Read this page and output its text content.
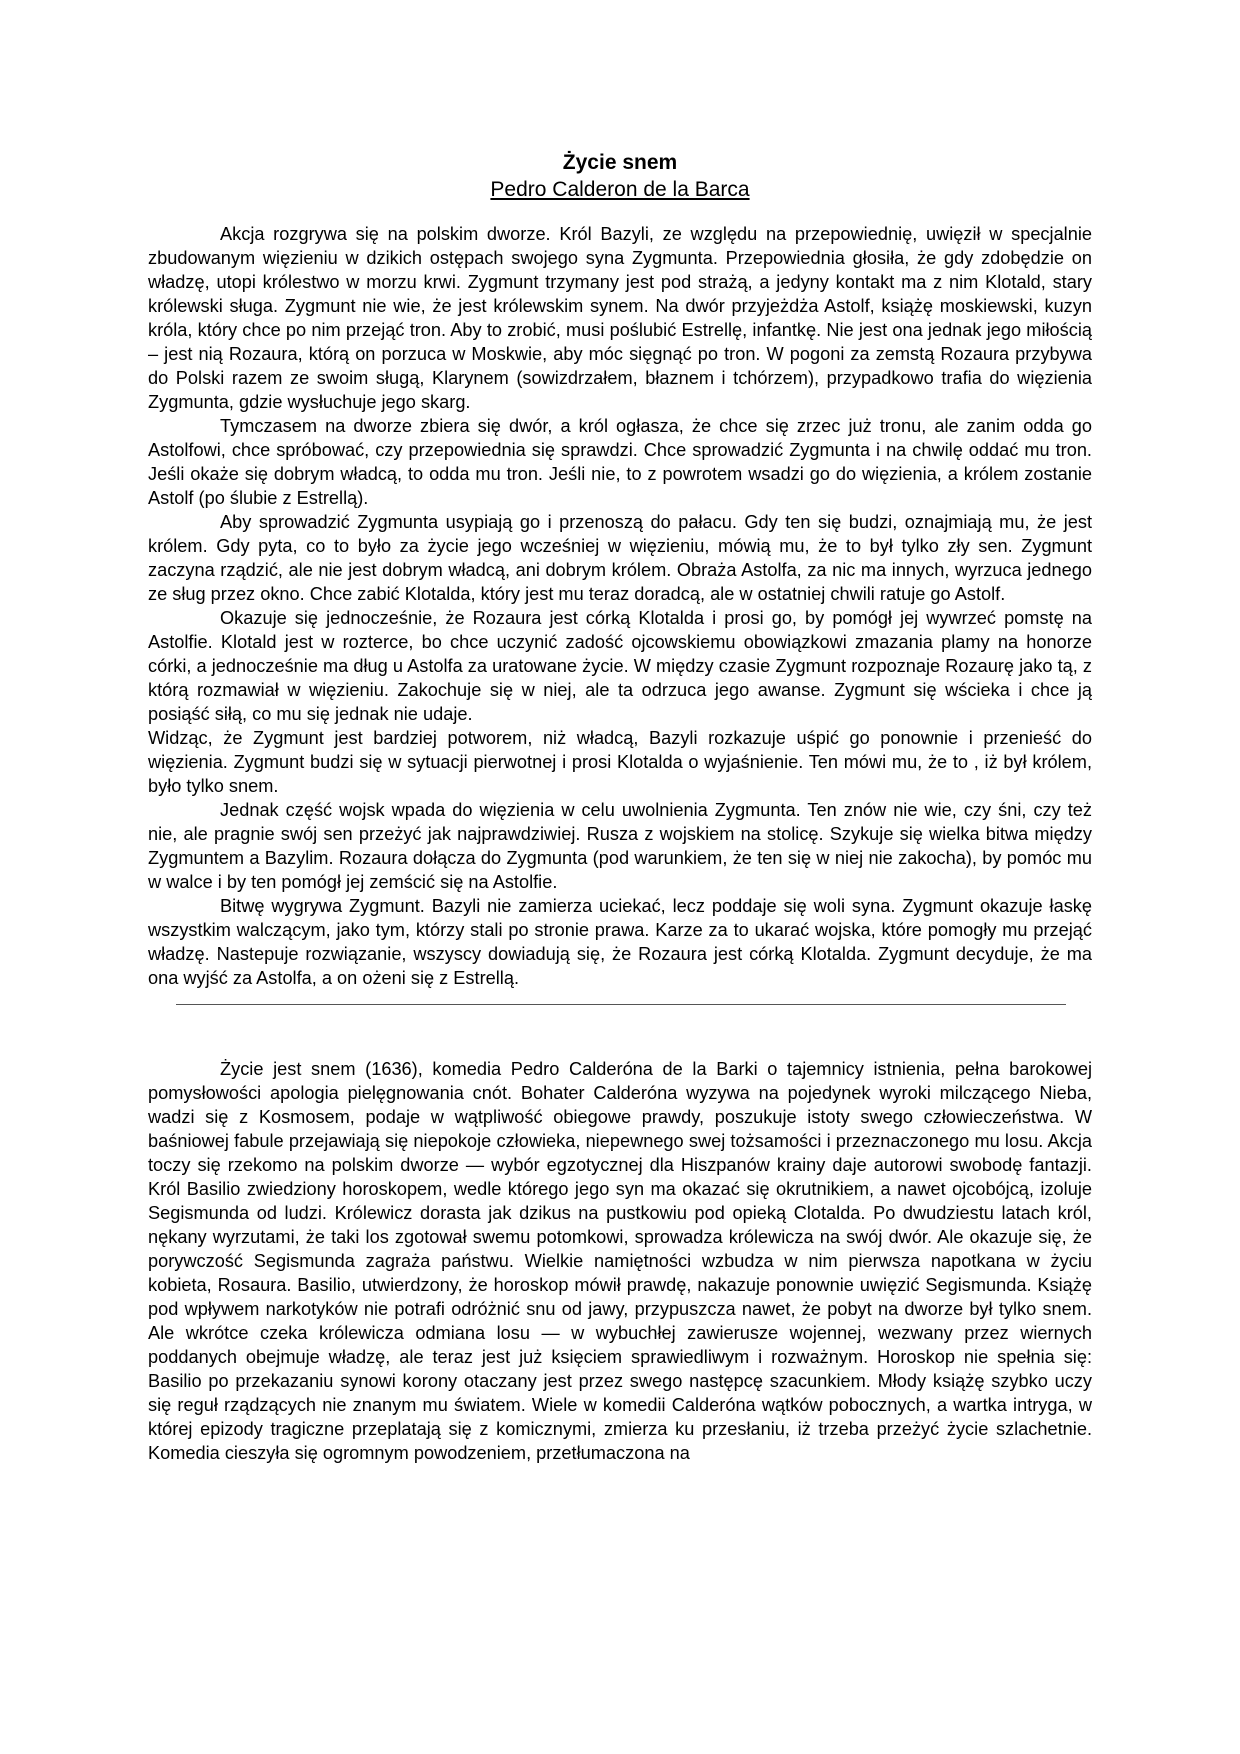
Życie snem

Pedro Calderon de la Barca

Akcja rozgrywa się na polskim dworze. Król Bazyli, ze względu na przepowiednię, uwięził w specjalnie zbudowanym więzieniu w dzikich ostępach swojego syna Zygmunta. Przepowiednia głosiła, że gdy zdobędzie on władzę, utopi królestwo w morzu krwi. Zygmunt trzymany jest pod strażą, a jedyny kontakt ma z nim Klotald, stary królewski sługa. Zygmunt nie wie, że jest królewskim synem. Na dwór przyjeżdża Astolf, książę moskiewski, kuzyn króla, który chce po nim przejąć tron. Aby to zrobić, musi poślubić Estrellę, infantkę. Nie jest ona jednak jego miłością – jest nią Rozaura, którą on porzuca w Moskwie, aby móc sięgnąć po tron. W pogoni za zemstą Rozaura przybywa do Polski razem ze swoim sługą, Klarynem (sowizdrzałem, błaznem i tchórzem), przypadkowo trafia do więzienia Zygmunta, gdzie wysłuchuje jego skarg.

Tymczasem na dworze zbiera się dwór, a król ogłasza, że chce się zrzec już tronu, ale zanim odda go Astolfowi, chce spróbować, czy przepowiednia się sprawdzi. Chce sprowadzić Zygmunta i na chwilę oddać mu tron. Jeśli okaże się dobrym władcą, to odda mu tron. Jeśli nie, to z powrotem wsadzi go do więzienia, a królem zostanie Astolf (po ślubie z Estrellą).

Aby sprowadzić Zygmunta usypiają go i przenoszą do pałacu. Gdy ten się budzi, oznajmiają mu, że jest królem. Gdy pyta, co to było za życie jego wcześniej w więzieniu, mówią mu, że to był tylko zły sen. Zygmunt zaczyna rządzić, ale nie jest dobrym władcą, ani dobrym królem. Obraża Astolfa, za nic ma innych, wyrzuca jednego ze sług przez okno. Chce zabić Klotalda, który jest mu teraz doradcą, ale w ostatniej chwili ratuje go Astolf.

Okazuje się jednocześnie, że Rozaura jest córką Klotalda i prosi go, by pomógł jej wywrzeć pomstę na Astolfie. Klotald jest w rozterce, bo chce uczynić zadość ojcowskiemu obowiązkowi zmazania plamy na honorze córki, a jednocześnie ma dług u Astolfa za uratowane życie. W między czasie Zygmunt rozpoznaje Rozaurę jako tą, z którą rozmawiał w więzieniu. Zakochuje się w niej, ale ta odrzuca jego awanse. Zygmunt się wścieka i chce ją posiąść siłą, co mu się jednak nie udaje.

Widząc, że Zygmunt jest bardziej potworem, niż władcą, Bazyli rozkazuje uśpić go ponownie i przenieść do więzienia. Zygmunt budzi się w sytuacji pierwotnej i prosi Klotalda o wyjaśnienie. Ten mówi mu, że to , iż był królem, było tylko snem.

Jednak część wojsk wpada do więzienia w celu uwolnienia Zygmunta. Ten znów nie wie, czy śni, czy też nie, ale pragnie swój sen przeżyć jak najprawdziwiej. Rusza z wojskiem na stolicę. Szykuje się wielka bitwa między Zygmuntem a Bazylim. Rozaura dołącza do Zygmunta (pod warunkiem, że ten się w niej nie zakocha), by pomóc mu w walce i by ten pomógł jej zemścić się na Astolfie.

Bitwę wygrywa Zygmunt. Bazyli nie zamierza uciekać, lecz poddaje się woli syna. Zygmunt okazuje łaskę wszystkim walczącym, jako tym, którzy stali po stronie prawa. Karze za to ukarać wojska, które pomogły mu przejąć władzę. Nastepuje rozwiązanie, wszyscy dowiadują się, że Rozaura jest córką Klotalda. Zygmunt decyduje, że ma ona wyjść za Astolfa, a on ożeni się z Estrellą.

Życie jest snem (1636), komedia Pedro Calderóna de la Barki o tajemnicy istnienia, pełna barokowej pomysłowości apologia pielęgnowania cnót. Bohater Calderóna wyzywa na pojedynek wyroki milczącego Nieba, wadzi się z Kosmosem, podaje w wątpliwość obiegowe prawdy, poszukuje istoty swego człowieczeństwa. W baśniowej fabule przejawiają się niepokoje człowieka, niepewnego swej tożsamości i przeznaczonego mu losu. Akcja toczy się rzekomo na polskim dworze — wybór egzotycznej dla Hiszpanów krainy daje autorowi swobodę fantazji. Król Basilio zwiedziony horoskopem, wedle którego jego syn ma okazać się okrutnikiem, a nawet ojcobójcą, izoluje Segismunda od ludzi. Królewicz dorasta jak dzikus na pustkowiu pod opieką Clotalda. Po dwudziestu latach król, nękany wyrzutami, że taki los zgotował swemu potomkowi, sprowadza królewicza na swój dwór. Ale okazuje się, że porywczość Segismunda zagraża państwu. Wielkie namiętności wzbudza w nim pierwsza napotkana w życiu kobieta, Rosaura. Basilio, utwierdzony, że horoskop mówił prawdę, nakazuje ponownie uwięzić Segismunda. Książę pod wpływem narkotyków nie potrafi odróżnić snu od jawy, przypuszcza nawet, że pobyt na dworze był tylko snem. Ale wkrótce czeka królewicza odmiana losu — w wybuchłej zawierusze wojennej, wezwany przez wiernych poddanych obejmuje władzę, ale teraz jest już księciem sprawiedliwym i rozważnym. Horoskop nie spełnia się: Basilio po przekazaniu synowi korony otaczany jest przez swego następcę szacunkiem. Młody książę szybko uczy się reguł rządzących nie znanym mu światem. Wiele w komedii Calderóna wątków pobocznych, a wartka intryga, w której epizody tragiczne przeplatają się z komicznymi, zmierza ku przesłaniu, iż trzeba przeżyć życie szlachetnie. Komedia cieszyła się ogromnym powodzeniem, przetłumaczona na
